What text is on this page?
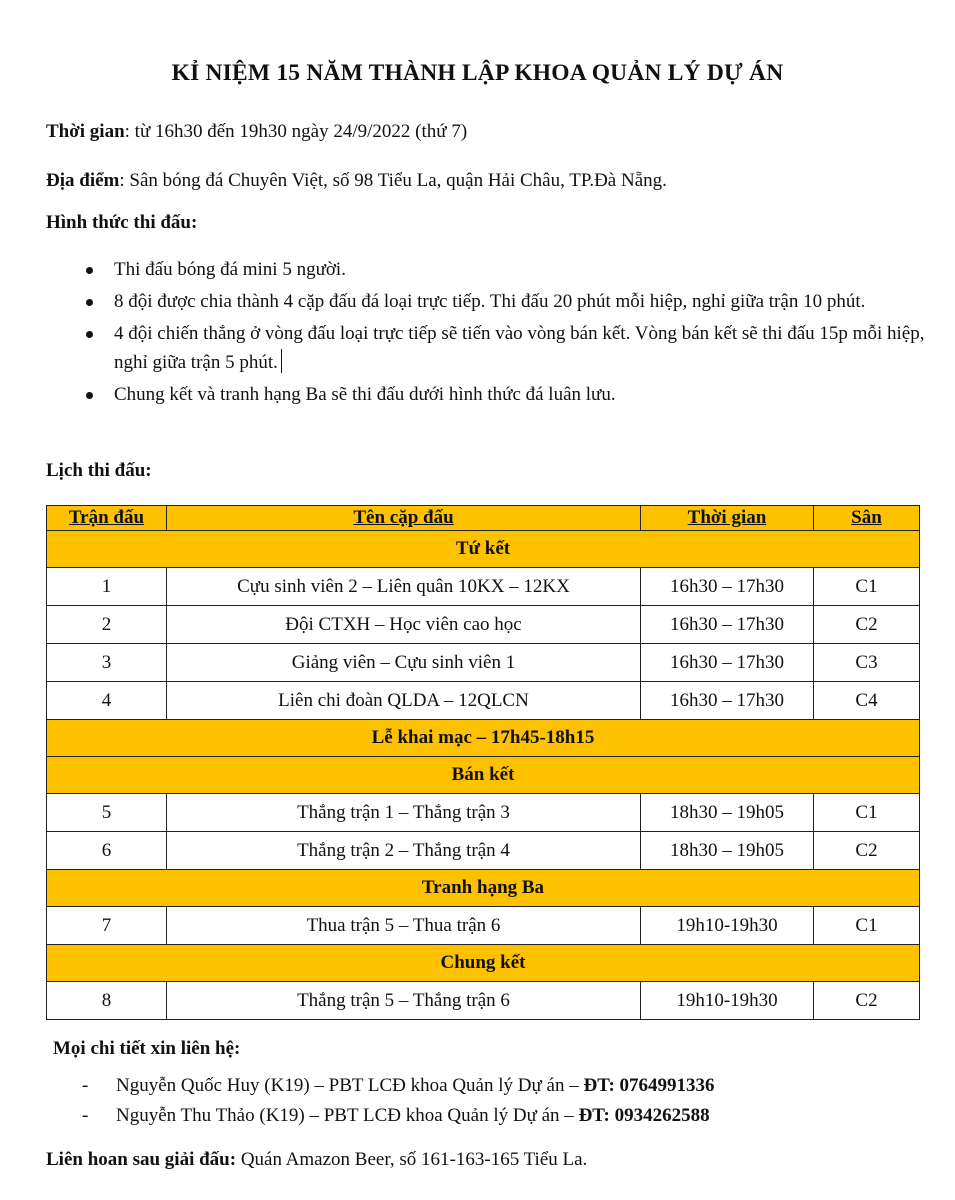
KỈ NIỆM 15 NĂM THÀNH LẬP KHOA QUẢN LÝ DỰ ÁN
Thời gian: từ 16h30 đến 19h30 ngày 24/9/2022 (thứ 7)
Địa điểm: Sân bóng đá Chuyên Việt, số 98 Tiểu La, quận Hải Châu, TP.Đà Nẵng.
Hình thức thi đấu:
Thi đấu bóng đá mini 5 người.
8 đội được chia thành 4 cặp đấu đá loại trực tiếp. Thi đấu 20 phút mỗi hiệp, nghỉ giữa trận 10 phút.
4 đội chiến thắng ở vòng đấu loại trực tiếp sẽ tiến vào vòng bán kết. Vòng bán kết sẽ thi đấu 15p mỗi hiệp, nghỉ giữa trận 5 phút.
Chung kết và tranh hạng Ba sẽ thi đấu dưới hình thức đá luân lưu.
Lịch thi đấu:
Trận đấu	Tên cặp đấu	Thời gian	Sân
Tứ kết			
1	Cựu sinh viên 2 – Liên quân 10KX – 12KX	16h30 – 17h30	C1
2	Đội CTXH – Học viên cao học	16h30 – 17h30	C2
3	Giảng viên – Cựu sinh viên 1	16h30 – 17h30	C3
4	Liên chi đoàn QLDA – 12QLCN	16h30 – 17h30	C4
Lễ khai mạc – 17h45-18h15			
Bán kết			
5	Thắng trận 1 – Thắng trận 3	18h30 – 19h05	C1
6	Thắng trận 2 – Thắng trận 4	18h30 – 19h05	C2
Tranh hạng Ba			
7	Thua trận 5 – Thua trận 6	19h10-19h30	C1
Chung kết			
8	Thắng trận 5 – Thắng trận 6	19h10-19h30	C2
Mọi chi tiết xin liên hệ:
- Nguyễn Quốc Huy (K19) – PBT LCĐ khoa Quản lý Dự án – ĐT: 0764991336
- Nguyễn Thu Thảo (K19) – PBT LCĐ khoa Quản lý Dự án – ĐT: 0934262588
Liên hoan sau giải đấu: Quán Amazon Beer, số 161-163-165 Tiểu La.
